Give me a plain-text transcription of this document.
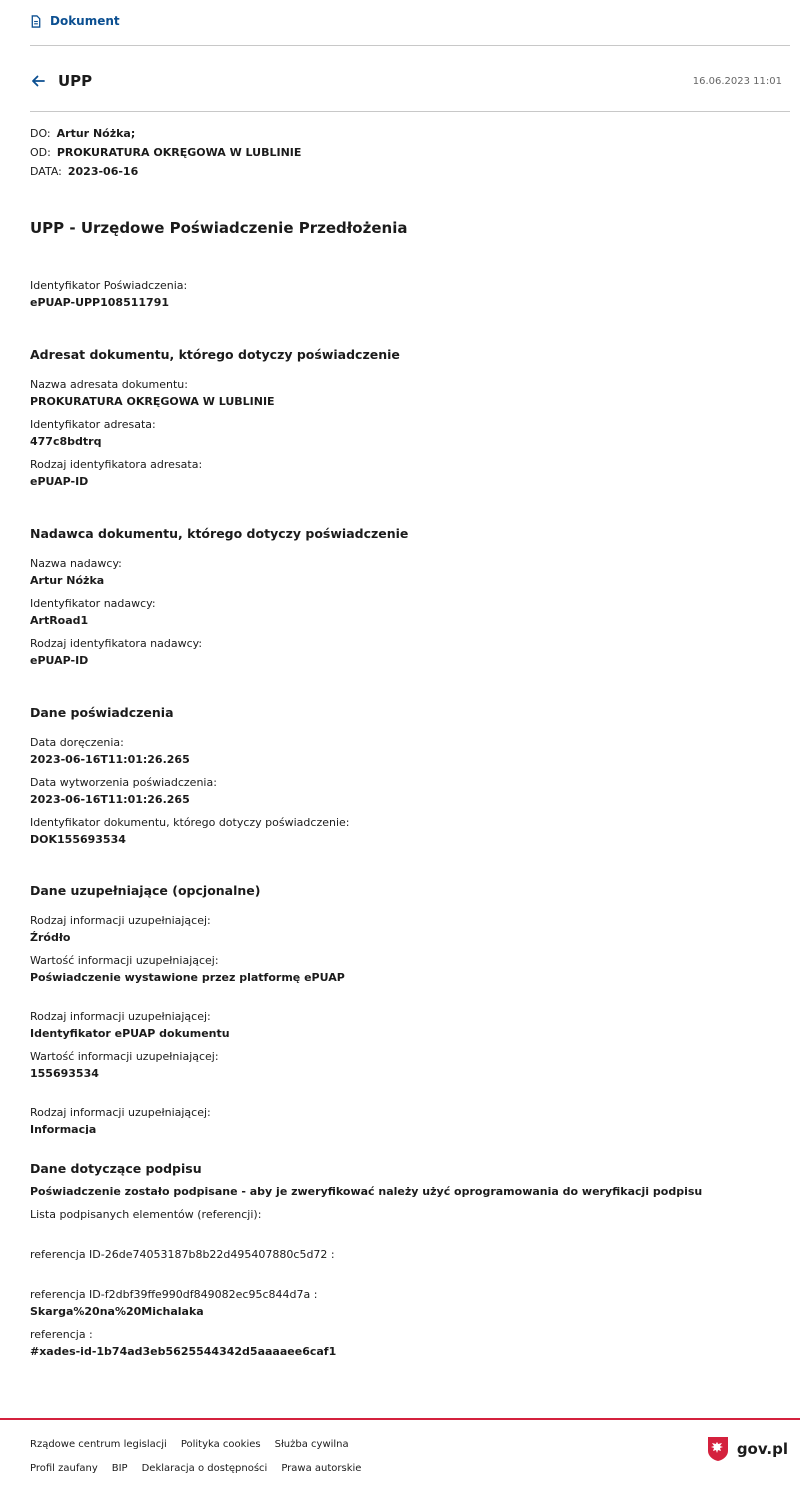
Dokument
UPP	16.06.2023 11:01
DO: Artur Nóżka;
OD: PROKURATURA OKRĘGOWA W LUBLINIE
DATA: 2023-06-16
UPP - Urzędowe Poświadczenie Przedłożenia
Identyfikator Poświadczenia:
ePUAP-UPP108511791
Adresat dokumentu, którego dotyczy poświadczenie
Nazwa adresata dokumentu:
PROKURATURA OKRĘGOWA W LUBLINIE
Identyfikator adresata:
477c8bdtrq
Rodzaj identyfikatora adresata:
ePUAP-ID
Nadawca dokumentu, którego dotyczy poświadczenie
Nazwa nadawcy:
Artur Nóżka
Identyfikator nadawcy:
ArtRoad1
Rodzaj identyfikatora nadawcy:
ePUAP-ID
Dane poświadczenia
Data doręczenia:
2023-06-16T11:01:26.265
Data wytworzenia poświadczenia:
2023-06-16T11:01:26.265
Identyfikator dokumentu, którego dotyczy poświadczenie:
DOK155693534
Dane uzupełniające (opcjonalne)
Rodzaj informacji uzupełniającej:
Źródło
Wartość informacji uzupełniającej:
Poświadczenie wystawione przez platformę ePUAP
Rodzaj informacji uzupełniającej:
Identyfikator ePUAP dokumentu
Wartość informacji uzupełniającej:
155693534
Rodzaj informacji uzupełniającej:
Informacja
Dane dotyczące podpisu
Poświadczenie zostało podpisane - aby je zweryfikować należy użyć oprogramowania do weryfikacji podpisu
Lista podpisanych elementów (referencji):
referencja ID-26de74053187b8b22d495407880c5d72 :
referencja ID-f2dbf39ffe990df849082ec95c844d7a :
Skarga%20na%20Michalaka
referencja :
#xades-id-1b74ad3eb5625544342d5aaaaee6caf1
Rządowe centrum legislacji Polityka cookies Służba cywilna
Profil zaufany BIP Deklaracja o dostępności Prawa autorskie
gov.pl
